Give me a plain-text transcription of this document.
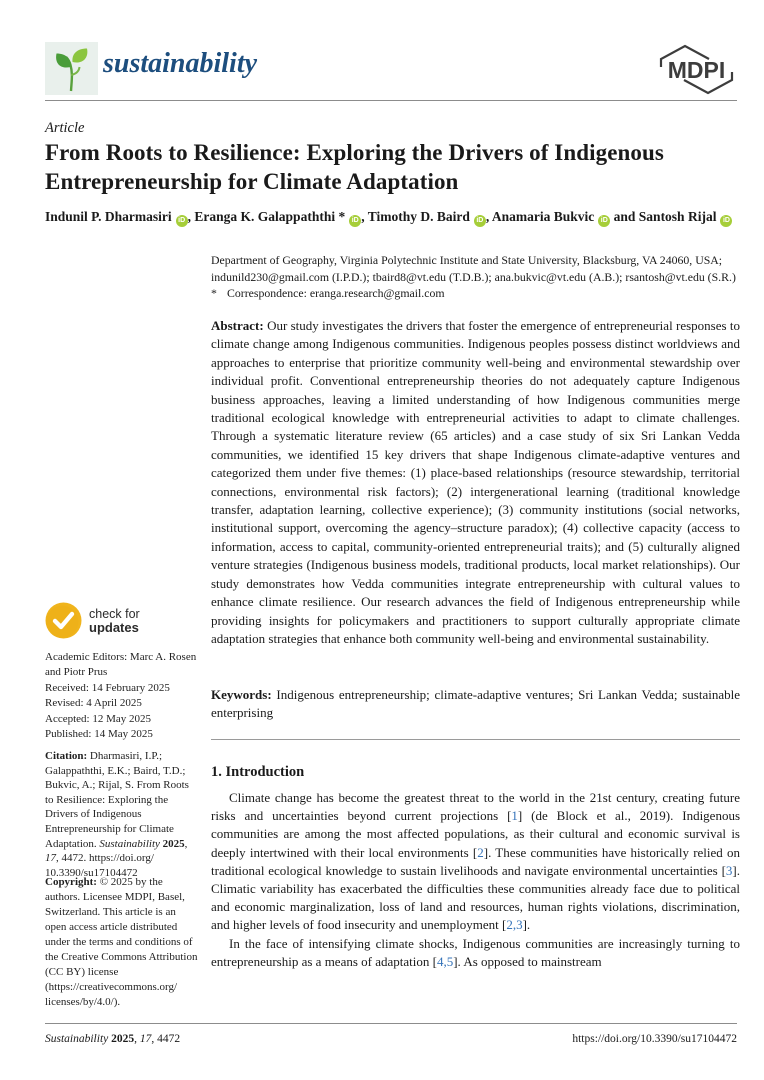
sustainability	MDPI
Article
From Roots to Resilience: Exploring the Drivers of Indigenous Entrepreneurship for Climate Adaptation
Indunil P. Dharmasiri iD , Eranga K. Galappaththi * iD , Timothy D. Baird iD , Anamaria Bukvic iD and Santosh Rijal iD
Department of Geography, Virginia Polytechnic Institute and State University, Blacksburg, VA 24060, USA; indunild230@gmail.com (I.P.D.); tbaird8@vt.edu (T.D.B.); ana.bukvic@vt.edu (A.B.); rsantosh@vt.edu (S.R.)
* Correspondence: eranga.research@gmail.com
Abstract: Our study investigates the drivers that foster the emergence of entrepreneurial responses to climate change among Indigenous communities. Indigenous peoples possess distinct worldviews and approaches to enterprise that prioritize community well-being and environmental stewardship over individual profit. Conventional entrepreneurship theories do not adequately capture Indigenous business approaches, leaving a limited understanding of how Indigenous communities merge traditional ecological knowledge with entrepreneurial activities to adapt to climate challenges. Through a systematic literature review (65 articles) and a case study of six Sri Lankan Vedda communities, we identified 15 key drivers that shape Indigenous climate-adaptive ventures and categorized them under five themes: (1) place-based relationships (resource stewardship, territorial connections, environmental risk factors); (2) intergenerational learning (traditional knowledge transfer, adaptation learning, collective experience); (3) community institutions (social networks, institutional support, overcoming the agency–structure paradox); (4) collective capacity (access to information, access to capital, community-oriented entrepreneurial traits); and (5) culturally aligned venture strategies (Indigenous business models, traditional products, local market relationships). Our study demonstrates how Vedda communities integrate entrepreneurship with cultural values to enhance climate resilience. Our research advances the field of Indigenous entrepreneurship while providing insights for policymakers and practitioners to support culturally appropriate climate adaptation strategies that enhance both community well-being and environmental sustainability.
Keywords: Indigenous entrepreneurship; climate-adaptive ventures; Sri Lankan Vedda; sustainable enterprising
1. Introduction

Climate change has become the greatest threat to the world in the 21st century, creating future risks and uncertainties beyond current projections [1] (de Block et al., 2019). Indigenous communities are among the most affected populations, as their cultural and economic survival is deeply intertwined with their local environments [2]. These communities have historically relied on traditional ecological knowledge to sustain livelihoods and navigate environmental uncertainties [3]. Climatic variability has exacerbated the difficulties these communities already face due to political and economic marginalization, loss of land and resources, human rights violations, discrimination, and higher levels of food insecurity and unemployment [2,3].

In the face of intensifying climate shocks, Indigenous communities are increasingly turning to entrepreneurship as a means of adaptation [4,5]. As opposed to mainstream

check for
updates
Academic Editors: Marc A. Rosen and Piotr Prus
Received: 14 February 2025
Revised: 4 April 2025
Accepted: 12 May 2025
Published: 14 May 2025
Citation: Dharmasiri, I.P.; Galappaththi, E.K.; Baird, T.D.; Bukvic, A.; Rijal, S. From Roots to Resilience: Exploring the Drivers of Indigenous Entrepreneurship for Climate Adaptation. Sustainability 2025, 17, 4472. https://doi.org/ 10.3390/su17104472
Copyright: © 2025 by the authors. Licensee MDPI, Basel, Switzerland. This article is an open access article distributed under the terms and conditions of the Creative Commons Attribution (CC BY) license (https://creativecommons.org/ licenses/by/4.0/).
Sustainability 2025, 17, 4472	https://doi.org/10.3390/su17104472
